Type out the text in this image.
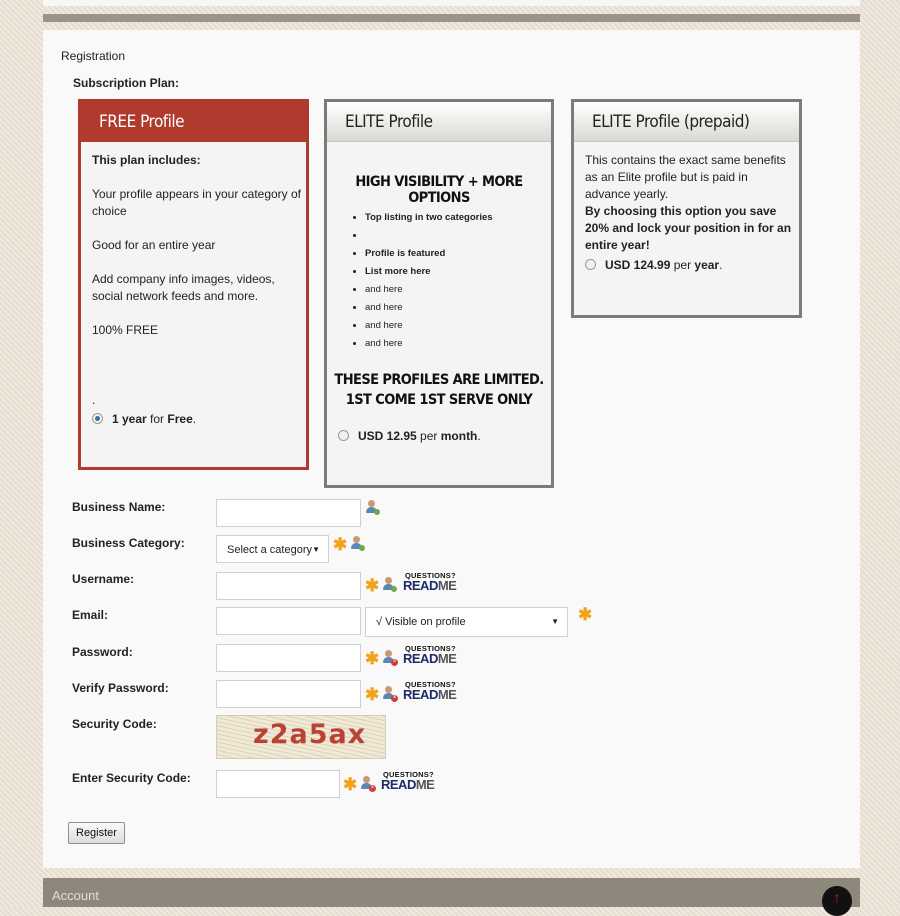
Registration
Subscription Plan:
FREE Profile
This plan includes:
Your profile appears in your category of choice
Good for an entire year
Add company info images, videos, social network feeds and more.
100% FREE
.
1 year for Free.
ELITE Profile
HIGH VISIBILITY + MORE OPTIONS
• Top listing in two categories
•
• Profile is featured
• List more here
• and here
• and here
• and here
• and here
THESE PROFILES ARE LIMITED.
1ST COME 1ST SERVE ONLY
USD 12.95 per month.
ELITE Profile (prepaid)
This contains the exact same benefits as an Elite profile but is paid in advance yearly.
By choosing this option you save 20% and lock your position in for an entire year!
USD 124.99 per year.
Business Name:
Business Category:	Select a category ▼ ✱
Username:	✱
QUESTIONS?
README
Email:	√ Visible on profile	▼ ✱
Password:	✱ ×
QUESTIONS?
README
Verify Password:	✱ ×
QUESTIONS?
README
Security Code:	z2a5ax
Enter Security Code:	✱ ×
QUESTIONS?
README
Register
Account	↑
